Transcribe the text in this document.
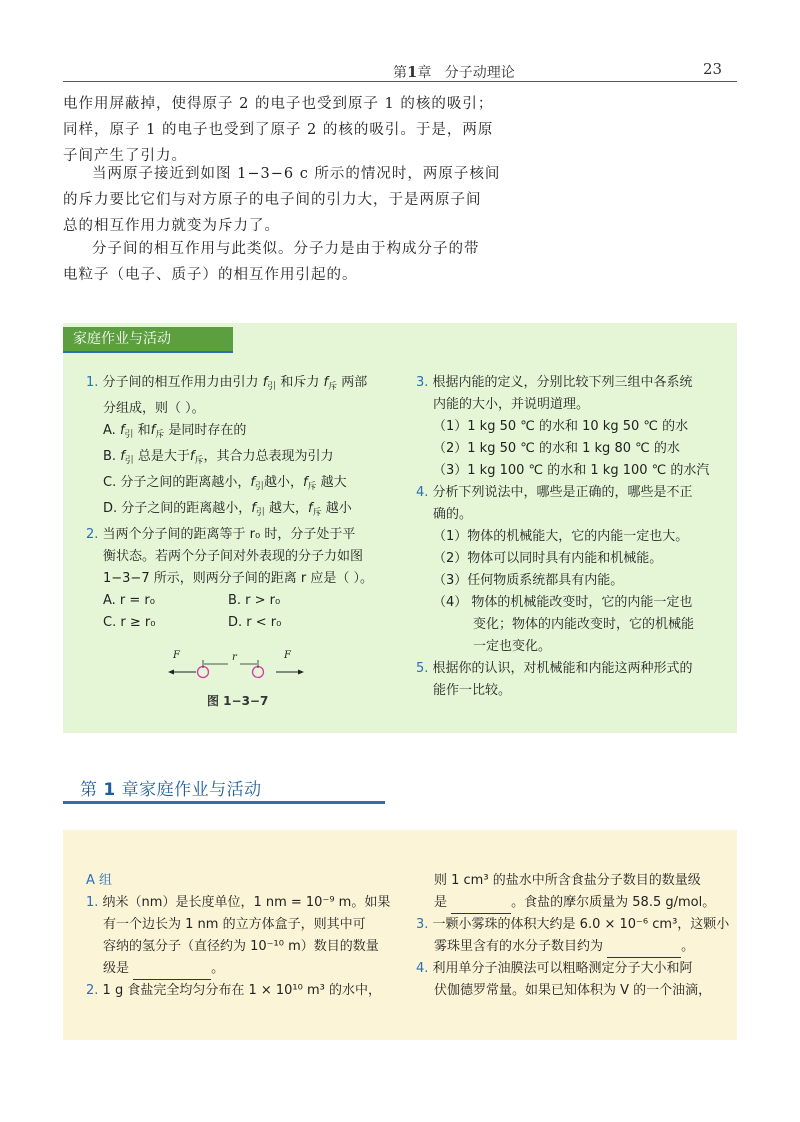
第1章 分子动理论	23
电作用屏蔽掉，使得原子 2 的电子也受到原子 1 的核的吸引；
同样，原子 1 的电子也受到了原子 2 的核的吸引。于是，两原
子间产生了引力。
当两原子接近到如图 1−3−6 c 所示的情况时，两原子核间
的斥力要比它们与对方原子的电子间的引力大，于是两原子间
总的相互作用力就变为斥力了。
分子间的相互作用与此类似。分子力是由于构成分子的带
电粒子（电子、质子）的相互作用引起的。
家庭作业与活动
1. 分子间的相互作用力由引力 $f_引$ 和斥力 $f_斥$ 两部
分组成，则（ ）。
A. $f_引$ 和$f_斥$ 是同时存在的
B. $f_引$ 总是大于$f_斥$，其合力总表现为引力
C. 分子之间的距离越小，$f_引$越小，$f_斥$ 越大
D. 分子之间的距离越小，$f_引$ 越大，$f_斥$ 越小
2. 当两个分子间的距离等于 r₀ 时，分子处于平
衡状态。若两个分子间对外表现的分子力如图
1−3−7 所示，则两分子间的距离 r 应是（ ）。
A. r = r₀	B. r > r₀
C. r ≥ r₀	D. r < r₀
F	r	F
图 1−3−7
3. 根据内能的定义，分别比较下列三组中各系统
内能的大小，并说明道理。
（1）1 kg 50 ℃ 的水和 10 kg 50 ℃ 的水
（2）1 kg 50 ℃ 的水和 1 kg 80 ℃ 的水
（3）1 kg 100 ℃ 的水和 1 kg 100 ℃ 的水汽
4. 分析下列说法中，哪些是正确的，哪些是不正
确的。
（1）物体的机械能大，它的内能一定也大。
（2）物体可以同时具有内能和机械能。
（3）任何物质系统都具有内能。
（4） 物体的机械能改变时，它的内能一定也
变化；物体的内能改变时，它的机械能
一定也变化。
5. 根据你的认识，对机械能和内能这两种形式的
能作一比较。
第 1 章家庭作业与活动
A 组
1. 纳米（nm）是长度单位，1 nm = 10⁻⁹ m。如果
有一个边长为 1 nm 的立方体盒子，则其中可
容纳的氢分子（直径约为 10⁻¹⁰ m）数目的数量
级是	。
2. 1 g 食盐完全均匀分布在 1 × 10¹⁰ m³ 的水中，
则 1 cm³ 的盐水中所含食盐分子数目的数量级
是	。食盐的摩尔质量为 58.5 g/mol。
3. 一颗小雾珠的体积大约是 6.0 × 10⁻⁶ cm³，这颗小
雾珠里含有的水分子数目约为	。
4. 利用单分子油膜法可以粗略测定分子大小和阿
伏伽德罗常量。如果已知体积为 V 的一个油滴，
